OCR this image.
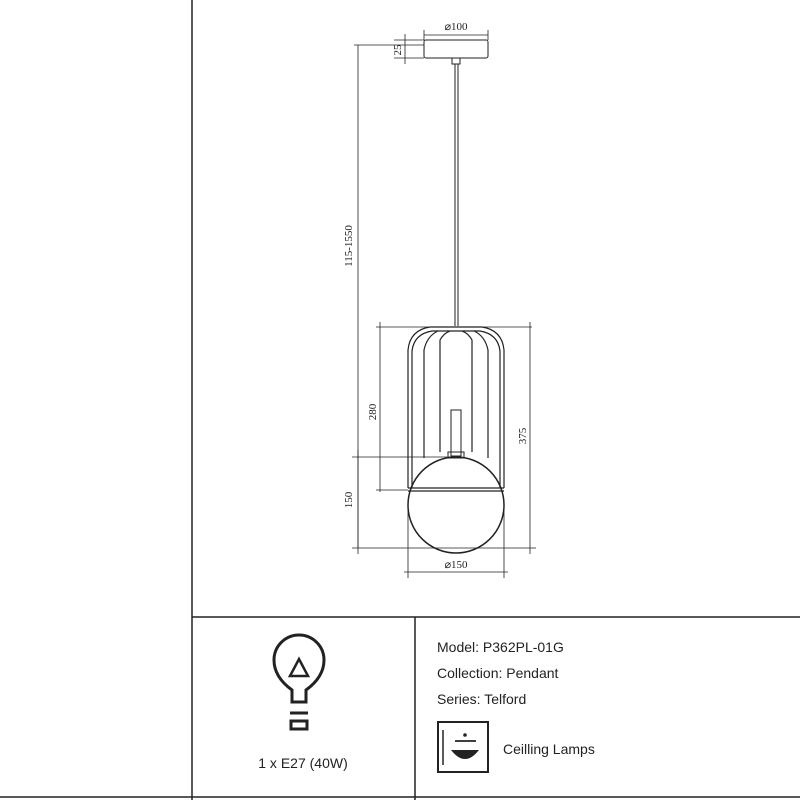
⌀100
25
115-1550
280
150
375
⌀150
1 x E27 (40W)
Model: P362PL-01G
Collection: Pendant
Series: Telford
Ceilling Lamps
